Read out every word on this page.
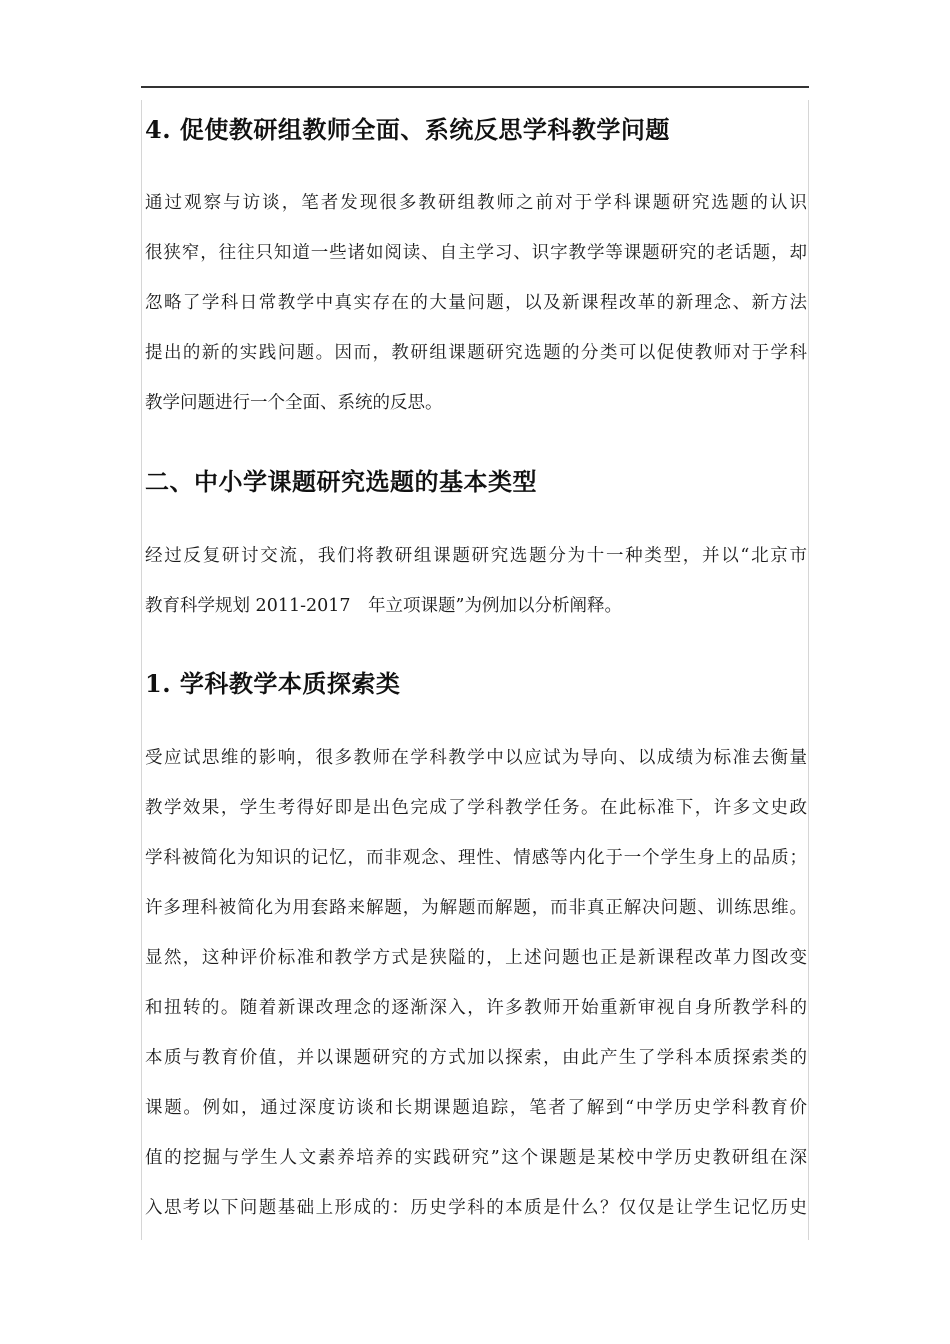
4. 促使教研组教师全面、系统反思学科教学问题
通过观察与访谈，笔者发现很多教研组教师之前对于学科课题研究选题的认识
很狭窄，往往只知道一些诸如阅读、自主学习、识字教学等课题研究的老话题，却
忽略了学科日常教学中真实存在的大量问题，以及新课程改革的新理念、新方法
提出的新的实践问题。因而，教研组课题研究选题的分类可以促使教师对于学科
教学问题进行一个全面、系统的反思。
二、中小学课题研究选题的基本类型
经过反复研讨交流，我们将教研组课题研究选题分为十一种类型，并以“北京市
教育科学规划 2011-2017　年立项课题”为例加以分析阐释。
1. 学科教学本质探索类
受应试思维的影响，很多教师在学科教学中以应试为导向、以成绩为标准去衡量
教学效果，学生考得好即是出色完成了学科教学任务。在此标准下，许多文史政
学科被简化为知识的记忆，而非观念、理性、情感等内化于一个学生身上的品质；
许多理科被简化为用套路来解题，为解题而解题，而非真正解决问题、训练思维。
显然，这种评价标准和教学方式是狭隘的，上述问题也正是新课程改革力图改变
和扭转的。随着新课改理念的逐渐深入，许多教师开始重新审视自身所教学科的
本质与教育价值，并以课题研究的方式加以探索，由此产生了学科本质探索类的
课题。例如，通过深度访谈和长期课题追踪，笔者了解到“中学历史学科教育价
值的挖掘与学生人文素养培养的实践研究”这个课题是某校中学历史教研组在深
入思考以下问题基础上形成的：历史学科的本质是什么？仅仅是让学生记忆历史
